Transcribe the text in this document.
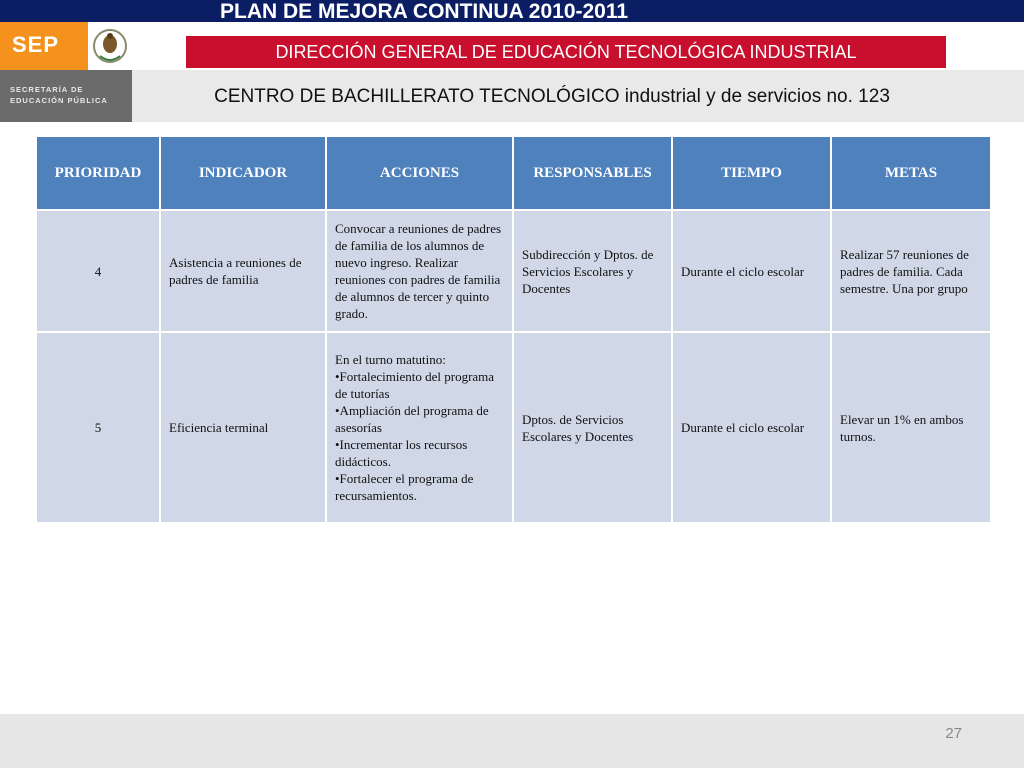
PLAN DE MEJORA CONTINUA 2010-2011
SEP
SECRETARÍA DE
EDUCACIÓN PÚBLICA
DIRECCIÓN GENERAL DE EDUCACIÓN TECNOLÓGICA INDUSTRIAL
CENTRO DE BACHILLERATO TECNOLÓGICO industrial y de servicios no. 123
PRIORIDAD	INDICADOR	ACCIONES	RESPONSABLES	TIEMPO	METAS
4	Asistencia a reuniones de padres de familia	Convocar a reuniones de padres de familia de los alumnos de nuevo ingreso. Realizar reuniones con padres de familia de alumnos de tercer y quinto grado.	Subdirección y Dptos. de Servicios Escolares y Docentes	Durante el ciclo escolar	Realizar 57 reuniones de padres de familia. Cada semestre. Una por grupo
5	Eficiencia terminal	En el turno matutino:
•Fortalecimiento del programa de tutorías
•Ampliación del programa de asesorías
•Incrementar los recursos didácticos.
•Fortalecer el programa de recursamientos.	Dptos. de Servicios Escolares y Docentes	Durante el ciclo escolar	Elevar un 1% en ambos turnos.
27
